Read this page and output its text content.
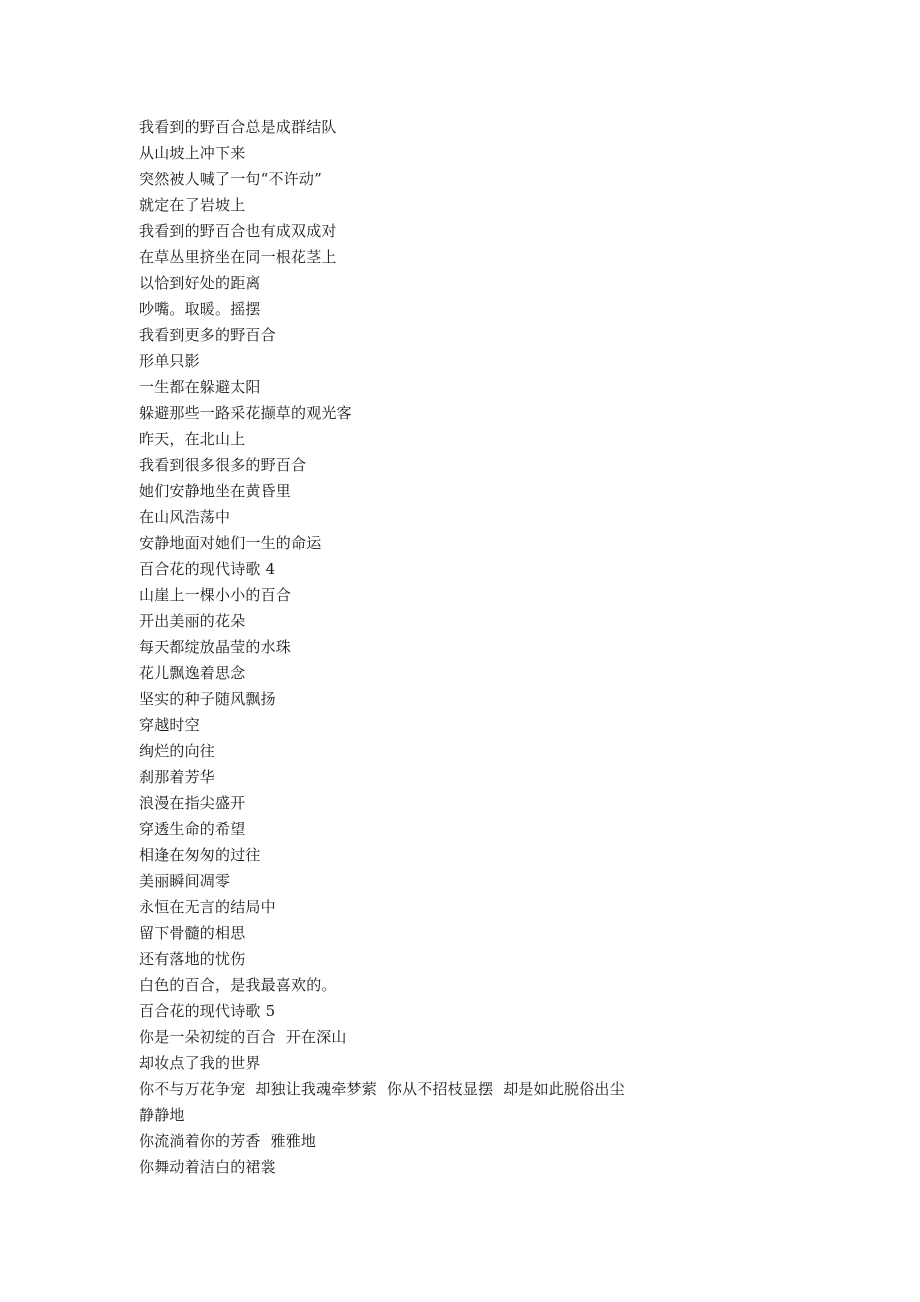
我看到的野百合总是成群结队
从山坡上冲下来
突然被人喊了一句“不许动”
就定在了岩坡上
我看到的野百合也有成双成对
在草丛里挤坐在同一根花茎上
以恰到好处的距离
吵嘴。取暖。摇摆
我看到更多的野百合
形单只影
一生都在躲避太阳
躲避那些一路采花撷草的观光客
昨天，在北山上
我看到很多很多的野百合
她们安静地坐在黄昏里
在山风浩荡中
安静地面对她们一生的命运
百合花的现代诗歌 4
山崖上一棵小小的百合
开出美丽的花朵
每天都绽放晶莹的水珠
花儿飘逸着思念
坚实的种子随风飘扬
穿越时空
绚烂的向往
刹那着芳华
浪漫在指尖盛开
穿透生命的希望
相逢在匆匆的过往
美丽瞬间凋零
永恒在无言的结局中
留下骨髓的相思
还有落地的忧伤
白色的百合，是我最喜欢的。
百合花的现代诗歌 5
你是一朵初绽的百合  开在深山
却妆点了我的世界
你不与万花争宠  却独让我魂牵梦萦  你从不招枝显摆  却是如此脱俗出尘
静静地
你流淌着你的芳香  雅雅地
你舞动着洁白的裙裳
